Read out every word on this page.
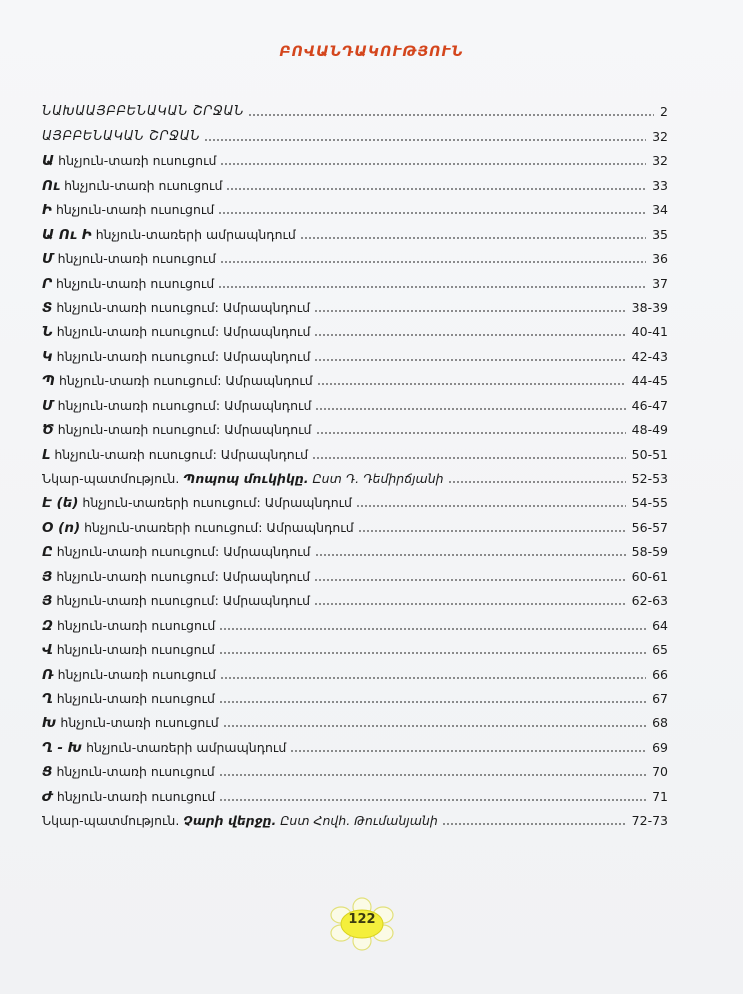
ԲՈՎԱՆԴԱԿՈՒԹՅՈՒՆ
ՆԱԽԱԱՅԲԲԵՆԱԿԱՆ ՇՐՋԱՆ	2
ԱՅԲԲԵՆԱԿԱՆ ՇՐՋԱՆ	32
Ա հնչյուն-տառի ուսուցում	32
Ու հնչյուն-տառի ուսուցում	33
Ի հնչյուն-տառի ուսուցում	34
Ա Ու Ի հնչյուն-տառերի ամրապնդում	35
Մ հնչյուն-տառի ուսուցում	36
Ր հնչյուն-տառի ուսուցում	37
Տ հնչյուն-տառի ուսուցում: Ամրապնդում	38-39
Ն հնչյուն-տառի ուսուցում: Ամրապնդում	40-41
Կ հնչյուն-տառի ուսուցում: Ամրապնդում	42-43
Պ հնչյուն-տառի ուսուցում: Ամրապնդում	44-45
Մ հնչյուն-տառի ուսուցում: Ամրապնդում	46-47
Ծ հնչյուն-տառի ուսուցում: Ամրապնդում	48-49
Լ հնչյուն-տառի ուսուցում: Ամրապնդում	50-51
Նկար-պատմություն. Պոպոպ մուկիկը. Ըստ Դ. Դեմիրճյանի	52-53
Է (ե) հնչյուն-տառերի ուսուցում: Ամրապնդում	54-55
Օ (ո) հնչյուն-տառերի ուսուցում: Ամրապնդում	56-57
Ը հնչյուն-տառի ուսուցում: Ամրապնդում	58-59
Յ հնչյուն-տառի ուսուցում: Ամրապնդում	60-61
Յ հնչյուն-տառի ուսուցում: Ամրապնդում	62-63
Զ հնչյուն-տառի ուսուցում	64
Վ հնչյուն-տառի ուսուցում	65
Ռ հնչյուն-տառի ուսուցում	66
Ղ հնչյուն-տառի ուսուցում	67
Խ հնչյուն-տառի ուսուցում	68
Ղ - Խ հնչյուն-տառերի ամրապնդում	69
Ց հնչյուն-տառի ուսուցում	70
Ժ հնչյուն-տառի ուսուցում	71
Նկար-պատմություն. Չարի վերջը. Ըստ Հովհ. Թումանյանի	72-73
122
